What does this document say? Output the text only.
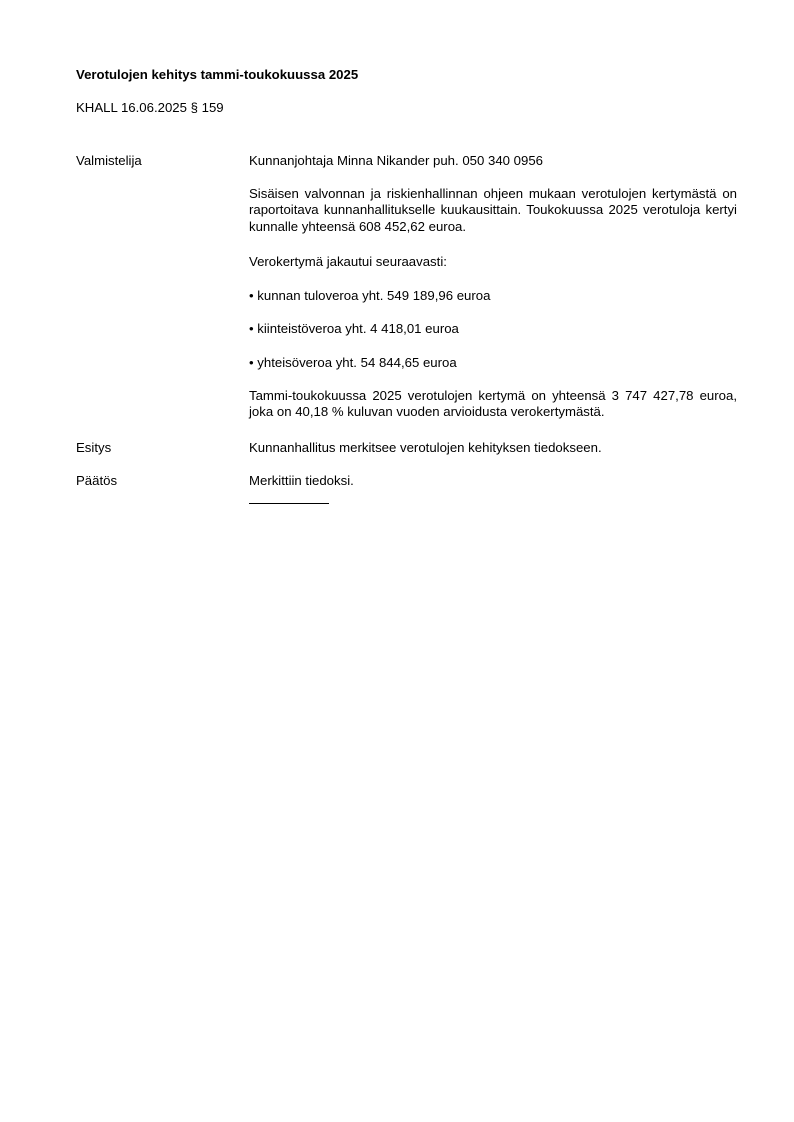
Verotulojen kehitys tammi-toukokuussa 2025
KHALL 16.06.2025 § 159
Valmistelija	Kunnanjohtaja Minna Nikander puh. 050 340 0956
Sisäisen valvonnan ja riskienhallinnan ohjeen mukaan verotulojen kertymästä on raportoitava kunnanhallitukselle kuukausittain. Toukokuussa 2025 verotuloja kertyi kunnalle yhteensä 608 452,62 euroa.
Verokertymä jakautui seuraavasti:
• kunnan tuloveroa yht. 549 189,96 euroa
• kiinteistöveroa yht. 4 418,01 euroa
• yhteisöveroa yht. 54 844,65 euroa
Tammi-toukokuussa 2025 verotulojen kertymä on yhteensä 3 747 427,78 euroa, joka on 40,18 % kuluvan vuoden arvioidusta verokertymästä.
Esitys	Kunnanhallitus merkitsee verotulojen kehityksen tiedokseen.
Päätös	Merkittiin tiedoksi.
